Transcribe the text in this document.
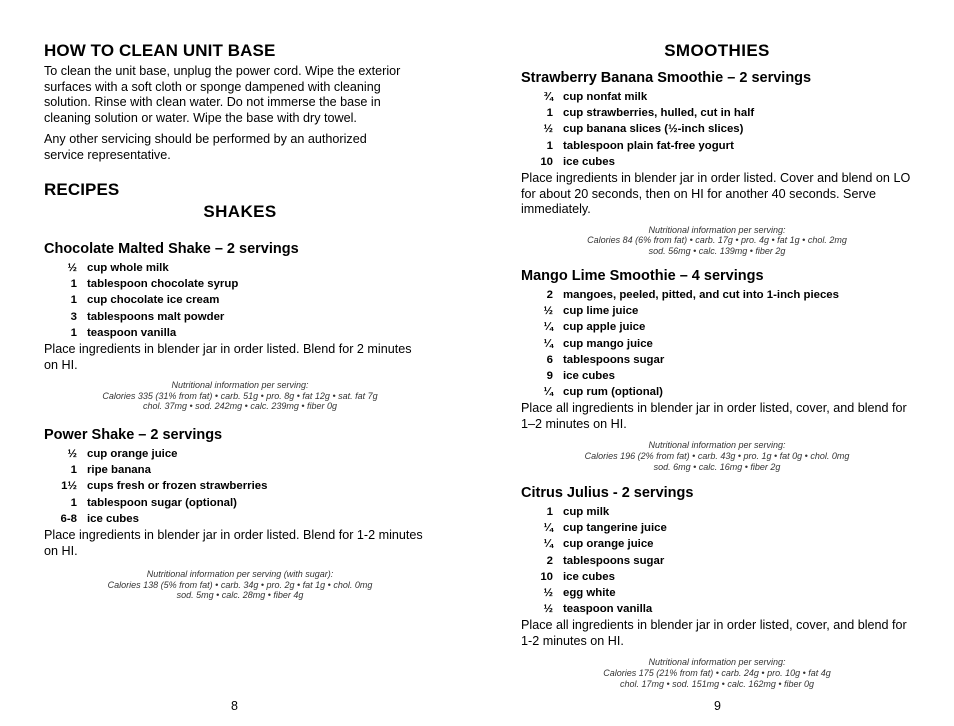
HOW TO CLEAN UNIT BASE

To clean the unit base, unplug the power cord. Wipe the exterior
surfaces with a soft cloth or sponge dampened with cleaning
solution. Rinse with clean water. Do not immerse the base in
cleaning solution or water. Wipe the base with dry towel.

Any other servicing should be performed by an authorized
service representative.

RECIPES
SHAKES
Chocolate Malted Shake – 2 servings
½	cup whole milk
1	tablespoon chocolate syrup
1	cup chocolate ice cream
3	tablespoons malt powder
1	teaspoon vanilla

Place ingredients in blender jar in order listed. Blend for 2 minutes
on HI.

Nutritional information per serving:
Calories 335 (31% from fat) • carb. 51g • pro. 8g • fat 12g • sat. fat 7g
chol. 37mg • sod. 242mg • calc. 239mg • fiber 0g
Power Shake – 2 servings
½	cup orange juice
1	ripe banana
1½	cups fresh or frozen strawberries
1	tablespoon sugar (optional)
6-8	ice cubes

Place ingredients in blender jar in order listed. Blend for 1-2 minutes
on HI.

Nutritional information per serving (with sugar):
Calories 138 (5% from fat) • carb. 34g • pro. 2g • fat 1g • chol. 0mg
sod. 5mg • calc. 28mg • fiber 4g
8
SMOOTHIES
Strawberry Banana Smoothie – 2 servings
¾	cup nonfat milk
1	cup strawberries, hulled, cut in half
½	cup banana slices (½-inch slices)
1	tablespoon plain fat-free yogurt
10	ice cubes

Place ingredients in blender jar in order listed. Cover and blend on LO
for about 20 seconds, then on HI for another 40 seconds. Serve
immediately.

Nutritional information per serving:
Calories 84 (6% from fat) • carb. 17g • pro. 4g • fat 1g • chol. 2mg
sod. 56mg • calc. 139mg • fiber 2g
Mango Lime Smoothie – 4 servings
2	mangoes, peeled, pitted, and cut into 1-inch pieces
½	cup lime juice
¼	cup apple juice
¼	cup mango juice
6	tablespoons sugar
9	ice cubes
¼	cup rum (optional)

Place all ingredients in blender jar in order listed, cover, and blend for
1–2 minutes on HI.

Nutritional information per serving:
Calories 196 (2% from fat) • carb. 43g • pro. 1g • fat 0g • chol. 0mg
sod. 6mg • calc. 16mg • fiber 2g
Citrus Julius - 2 servings
1	cup milk
¼	cup tangerine juice
¼	cup orange juice
2	tablespoons sugar
10	ice cubes
½	egg white
½	teaspoon vanilla

Place all ingredients in blender jar in order listed, cover, and blend for
1-2 minutes on HI.

Nutritional information per serving:
Calories 175 (21% from fat) • carb. 24g • pro. 10g • fat 4g
chol. 17mg • sod. 151mg • calc. 162mg • fiber 0g
9
